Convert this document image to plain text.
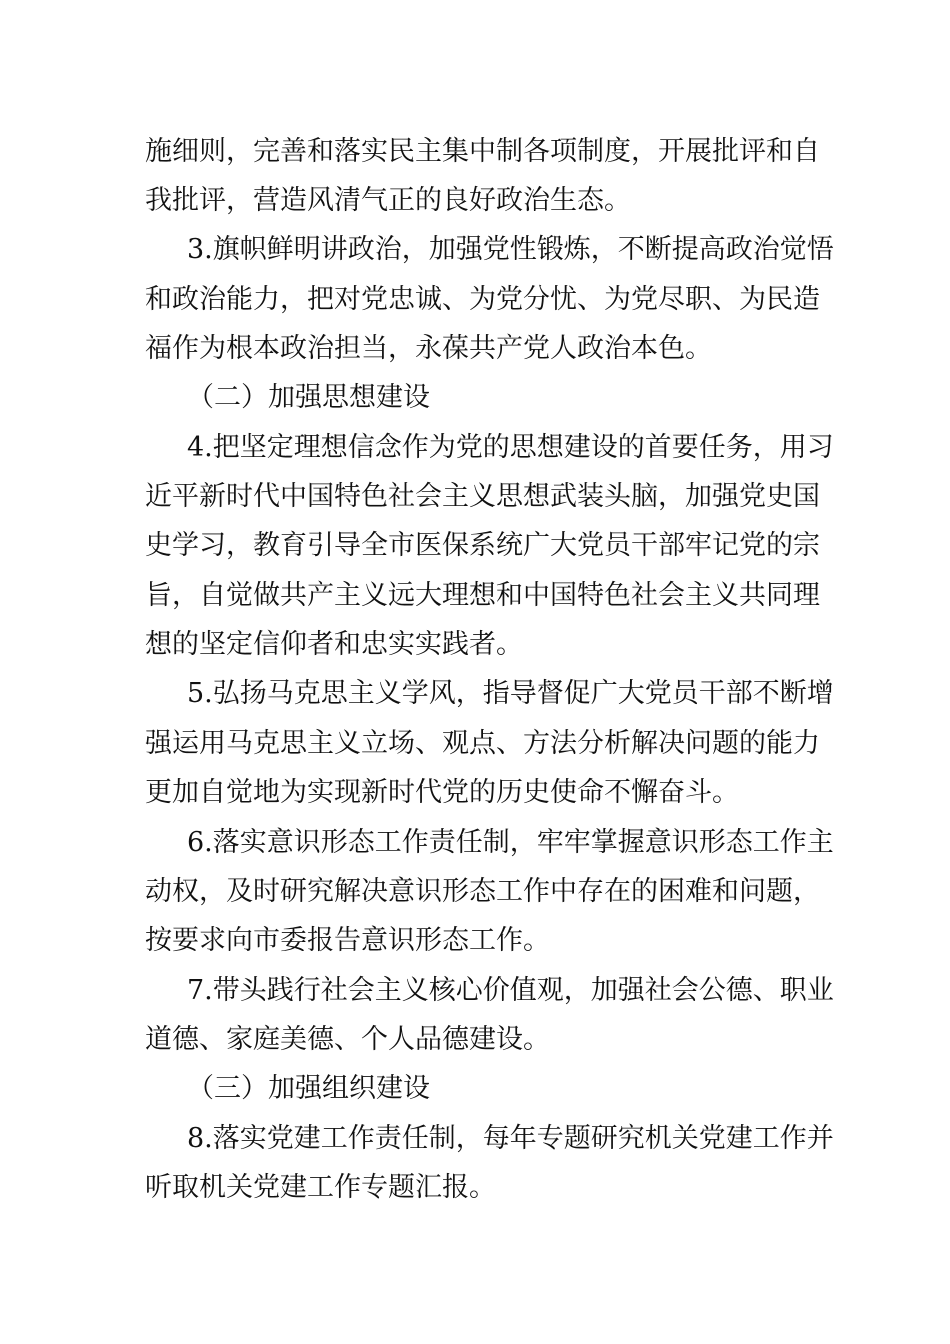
施细则，完善和落实民主集中制各项制度，开展批评和自
我批评，营造风清气正的良好政治生态。
3.旗帜鲜明讲政治，加强党性锻炼，不断提高政治觉悟
和政治能力，把对党忠诚、为党分忧、为党尽职、为民造
福作为根本政治担当，永葆共产党人政治本色。
（二）加强思想建设
4.把坚定理想信念作为党的思想建设的首要任务，用习
近平新时代中国特色社会主义思想武装头脑，加强党史国
史学习，教育引导全市医保系统广大党员干部牢记党的宗
旨，自觉做共产主义远大理想和中国特色社会主义共同理
想的坚定信仰者和忠实实践者。
5.弘扬马克思主义学风，指导督促广大党员干部不断增
强运用马克思主义立场、观点、方法分析解决问题的能力
更加自觉地为实现新时代党的历史使命不懈奋斗。
6.落实意识形态工作责任制，牢牢掌握意识形态工作主
动权，及时研究解决意识形态工作中存在的困难和问题，
按要求向市委报告意识形态工作。
7.带头践行社会主义核心价值观，加强社会公德、职业
道德、家庭美德、个人品德建设。
（三）加强组织建设
8.落实党建工作责任制，每年专题研究机关党建工作并
听取机关党建工作专题汇报。
